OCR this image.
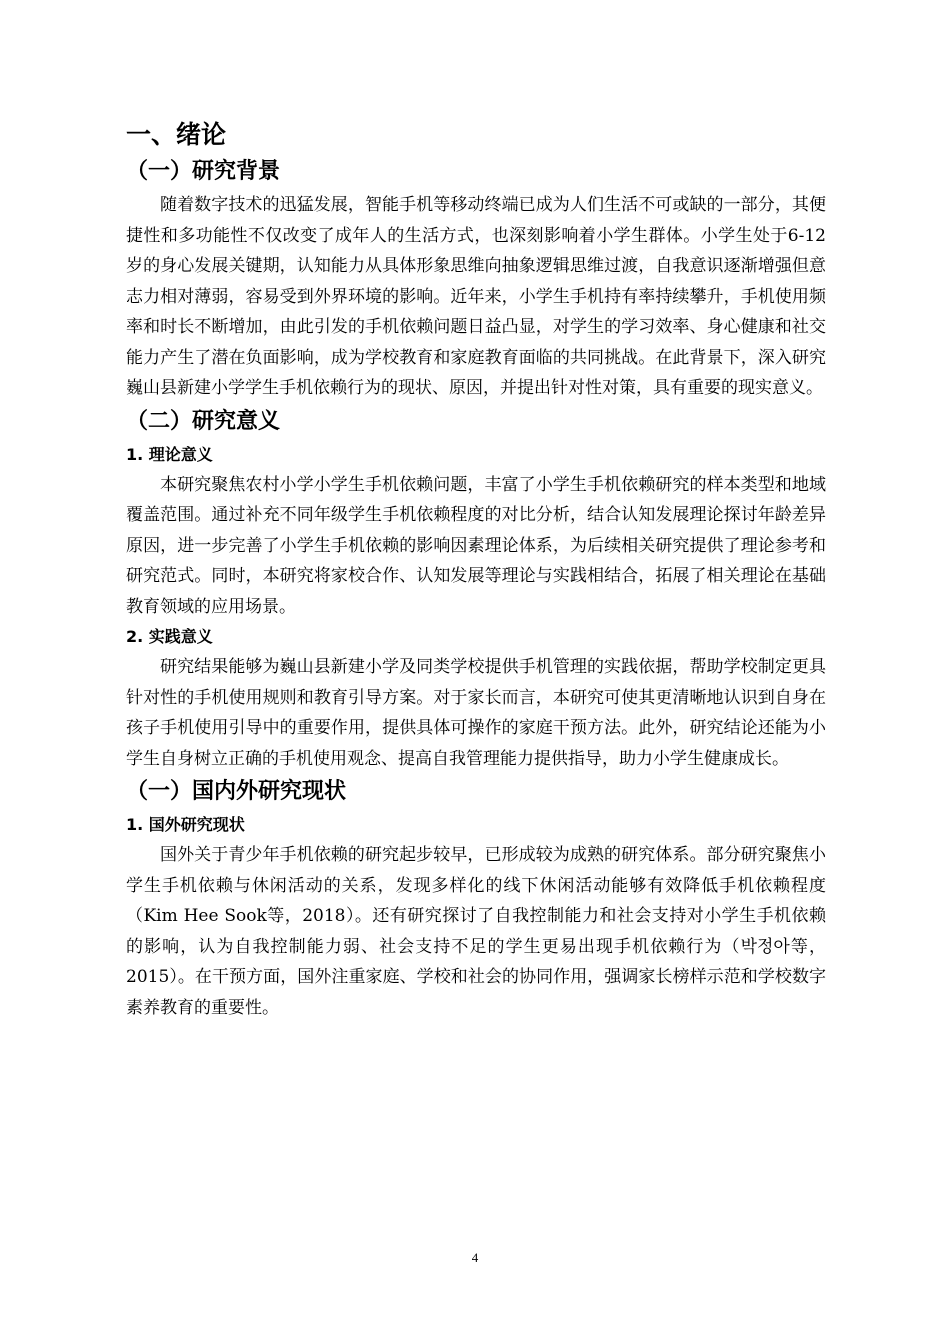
一、绪论
（一）研究背景

随着数字技术的迅猛发展，智能手机等移动终端已成为人们生活不可或缺的一部分，其便捷性和多功能性不仅改变了成年人的生活方式，也深刻影响着小学生群体。小学生处于6-12岁的身心发展关键期，认知能力从具体形象思维向抽象逻辑思维过渡，自我意识逐渐增强但意志力相对薄弱，容易受到外界环境的影响。近年来，小学生手机持有率持续攀升，手机使用频率和时长不断增加，由此引发的手机依赖问题日益凸显，对学生的学习效率、身心健康和社交能力产生了潜在负面影响，成为学校教育和家庭教育面临的共同挑战。在此背景下，深入研究巍山县新建小学学生手机依赖行为的现状、原因，并提出针对性对策，具有重要的现实意义。

（二）研究意义
1. 理论意义

本研究聚焦农村小学小学生手机依赖问题，丰富了小学生手机依赖研究的样本类型和地域覆盖范围。通过补充不同年级学生手机依赖程度的对比分析，结合认知发展理论探讨年龄差异原因，进一步完善了小学生手机依赖的影响因素理论体系，为后续相关研究提供了理论参考和研究范式。同时，本研究将家校合作、认知发展等理论与实践相结合，拓展了相关理论在基础教育领域的应用场景。

2. 实践意义

研究结果能够为巍山县新建小学及同类学校提供手机管理的实践依据，帮助学校制定更具针对性的手机使用规则和教育引导方案。对于家长而言，本研究可使其更清晰地认识到自身在孩子手机使用引导中的重要作用，提供具体可操作的家庭干预方法。此外，研究结论还能为小学生自身树立正确的手机使用观念、提高自我管理能力提供指导，助力小学生健康成长。

（一）国内外研究现状
1. 国外研究现状

国外关于青少年手机依赖的研究起步较早，已形成较为成熟的研究体系。部分研究聚焦小学生手机依赖与休闲活动的关系，发现多样化的线下休闲活动能够有效降低手机依赖程度（Kim Hee Sook等，2018）。还有研究探讨了自我控制能力和社会支持对小学生手机依赖的影响，认为自我控制能力弱、社会支持不足的学生更易出现手机依赖行为（박정아等，2015）。在干预方面，国外注重家庭、学校和社会的协同作用，强调家长榜样示范和学校数字素养教育的重要性。

4
